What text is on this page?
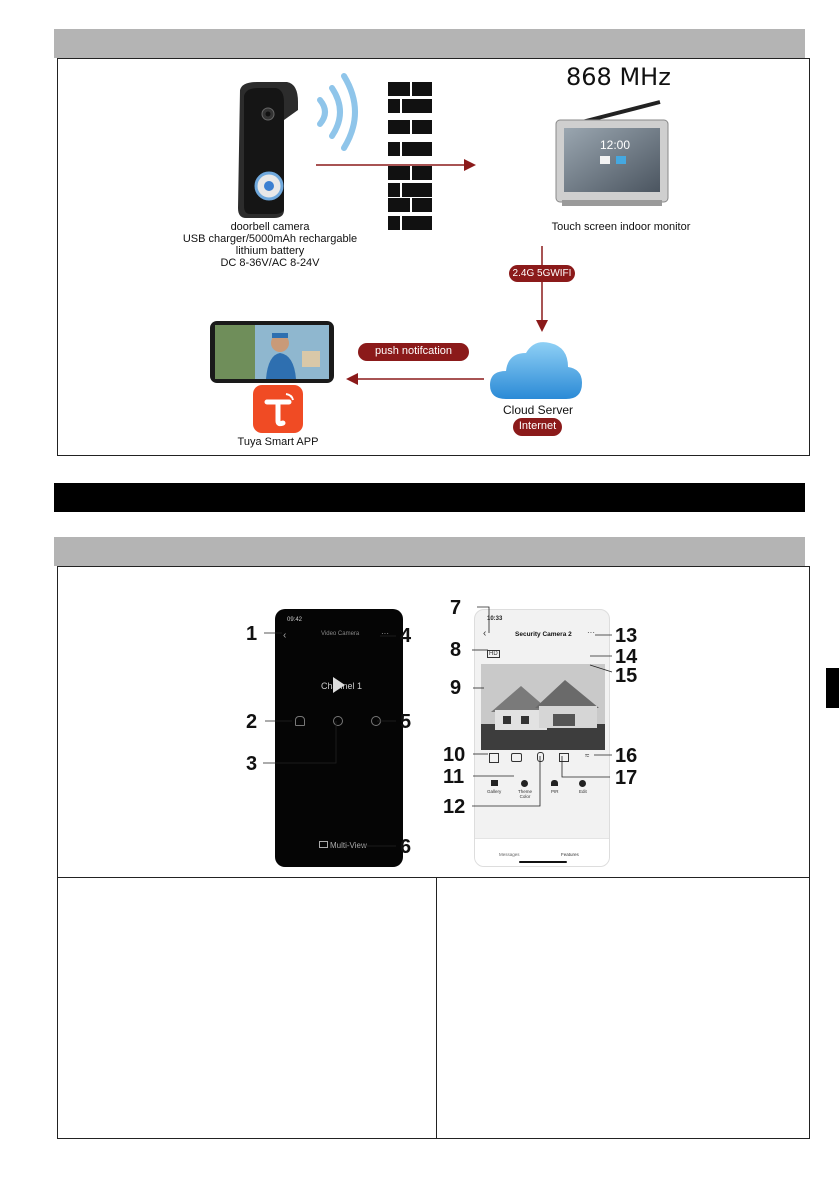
868 MHz
12:00
doorbell camera
USB charger/5000mAh rechargable
lithium battery
DC 8-36V/AC 8-24V
Touch screen indoor monitor
2.4G 5GWIFI
push notifcation
Tuya Smart APP
Cloud Server
Internet
09:42
‹	Video Camera	···
Channel 1
Multi-View
10:33
‹	Security Camera 2 ···
HD
≈
Gallery	Theme Color
PIR	Edit
Messages	Features
1
2
3
4
5
6
7
8
9
10
11
12
13
14
15
16
17
